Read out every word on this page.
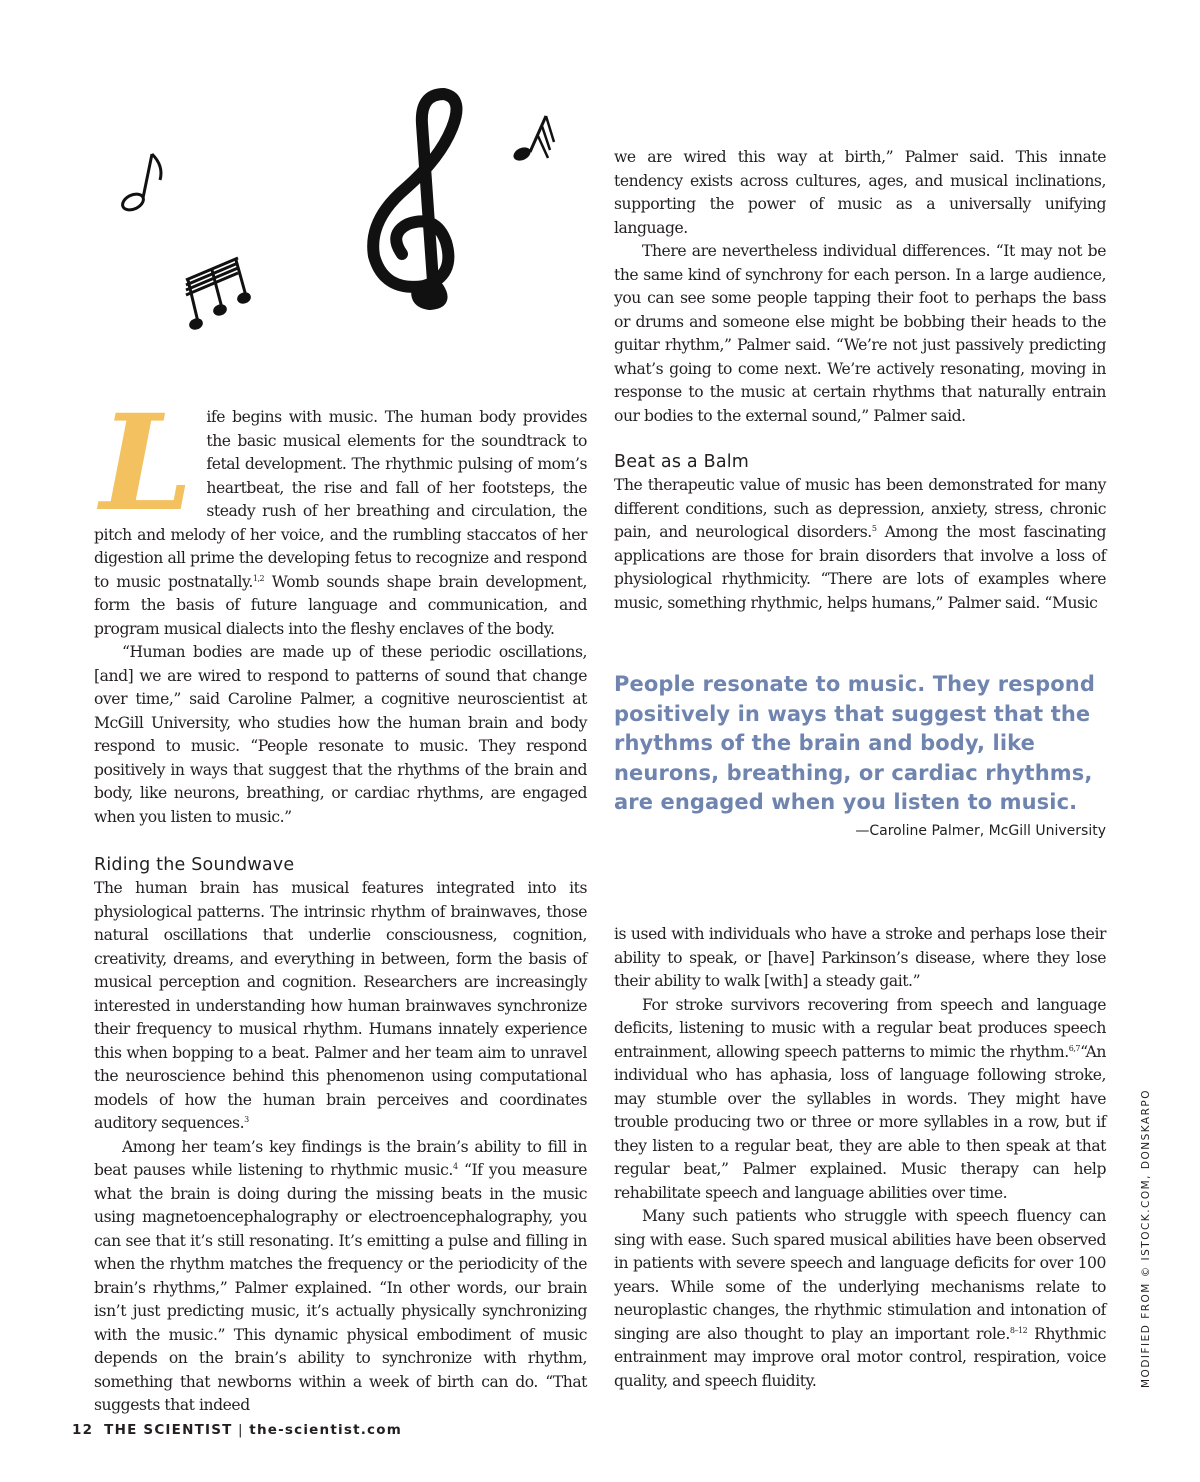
Life begins with music. The human body provides the basic musical elements for the soundtrack to fetal development. The rhythmic pulsing of mom’s heartbeat, the rise and fall of her footsteps, the steady rush of her breathing and circulation, the pitch and melody of her voice, and the rumbling staccatos of her digestion all prime the developing fetus to recognize and respond to music postnatally.$^{1,2}$ Womb sounds shape brain development, form the basis of future language and communication, and program musical dialects into the fleshy enclaves of the body.

“Human bodies are made up of these periodic oscillations, [and] we are wired to respond to patterns of sound that change over time,” said Caroline Palmer, a cognitive neuroscientist at McGill University, who studies how the human brain and body respond to music. “People resonate to music. They respond positively in ways that suggest that the rhythms of the brain and body, like neurons, breathing, or cardiac rhythms, are engaged when you listen to music.”

Riding the Soundwave

The human brain has musical features integrated into its physiological patterns. The intrinsic rhythm of brainwaves, those natural oscillations that underlie consciousness, cognition, creativity, dreams, and everything in between, form the basis of musical perception and cognition. Researchers are increasingly interested in understanding how human brainwaves synchronize their frequency to musical rhythm. Humans innately experience this when bopping to a beat. Palmer and her team aim to unravel the neuroscience behind this phenomenon using computational models of how the human brain perceives and coordinates auditory sequences.$^3$

Among her team’s key findings is the brain’s ability to fill in beat pauses while listening to rhythmic music.$^4$ “If you measure what the brain is doing during the missing beats in the music using magnetoencephalography or electroencephalography, you can see that it’s still resonating. It’s emitting a pulse and filling in when the rhythm matches the frequency or the periodicity of the brain’s rhythms,” Palmer explained. “In other words, our brain isn’t just predicting music, it’s actually physically synchronizing with the music.” This dynamic physical embodiment of music depends on the brain’s ability to synchronize with rhythm, something that newborns within a week of birth can do. “That suggests that indeed

we are wired this way at birth,” Palmer said. This innate tendency exists across cultures, ages, and musical inclinations, supporting the power of music as a universally unifying language.

There are nevertheless individual differences. “It may not be the same kind of synchrony for each person. In a large audience, you can see some people tapping their foot to perhaps the bass or drums and someone else might be bobbing their heads to the guitar rhythm,” Palmer said. “We’re not just passively predicting what’s going to come next. We’re actively resonating, moving in response to the music at certain rhythms that naturally entrain our bodies to the external sound,” Palmer said.

Beat as a Balm

The therapeutic value of music has been demonstrated for many different conditions, such as depression, anxiety, stress, chronic pain, and neurological disorders.$^5$ Among the most fascinating applications are those for brain disorders that involve a loss of physiological rhythmicity. “There are lots of examples where music, something rhythmic, helps humans,” Palmer said. “Music

People resonate to music. They respond positively in ways that suggest that the rhythms of the brain and body, like neurons, breathing, or cardiac rhythms, are engaged when you listen to music.

—Caroline Palmer, McGill University

is used with individuals who have a stroke and perhaps lose their ability to speak, or [have] Parkinson’s disease, where they lose their ability to walk [with] a steady gait.”

For stroke survivors recovering from speech and language deficits, listening to music with a regular beat produces speech entrainment, allowing speech patterns to mimic the rhythm.$^{6,7}$“An individual who has aphasia, loss of language following stroke, may stumble over the syllables in words. They might have trouble producing two or three or more syllables in a row, but if they listen to a regular beat, they are able to then speak at that regular beat,” Palmer explained. Music therapy can help rehabilitate speech and language abilities over time.

Many such patients who struggle with speech fluency can sing with ease. Such spared musical abilities have been observed in patients with severe speech and language deficits for over 100 years. While some of the underlying mechanisms relate to neuroplastic changes, the rhythmic stimulation and intonation of singing are also thought to play an important role.$^{8-12}$ Rhythmic entrainment may improve oral motor control, respiration, voice quality, and speech fluidity.

12 THE SCIENTIST | the-scientist.com
MODIFIED FROM © ISTOCK.COM, DONSKARPO
